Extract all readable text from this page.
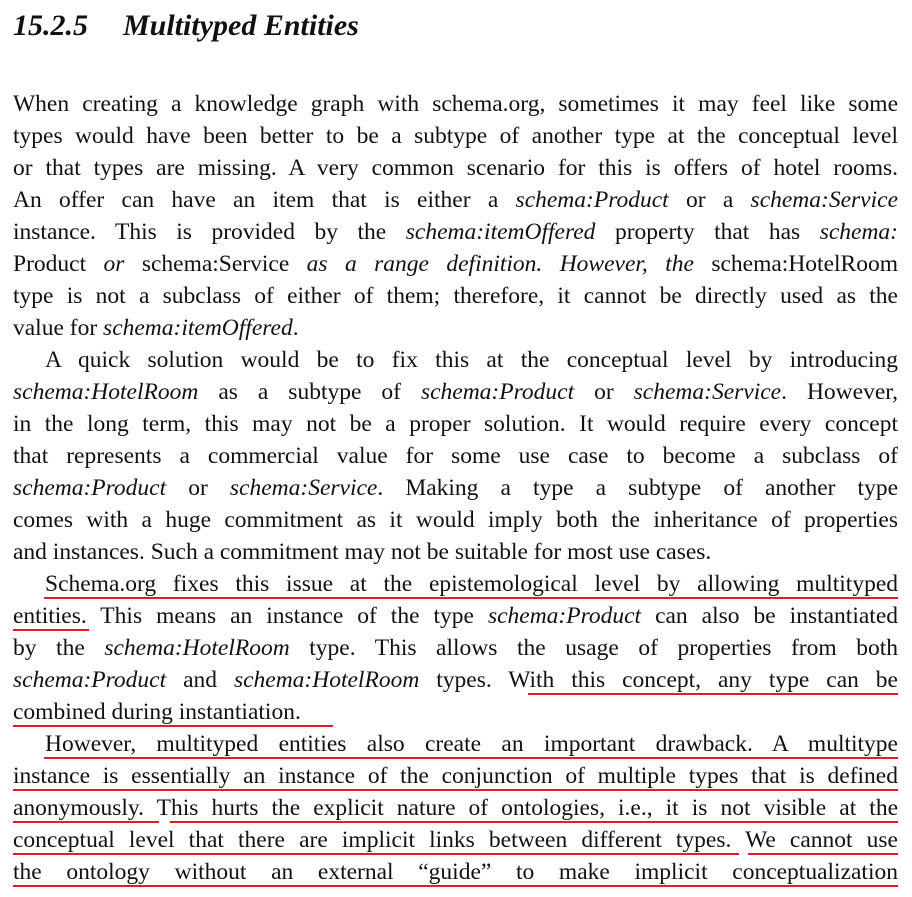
15.2.5 Multityped Entities
When creating a knowledge graph with schema.org, sometimes it may feel like some
types would have been better to be a subtype of another type at the conceptual level
or that types are missing. A very common scenario for this is offers of hotel rooms.
An offer can have an item that is either a schema:Product or a schema:Service
instance. This is provided by the schema:itemOffered property that has schema:
Product or schema:Service as a range definition. However, the schema:HotelRoom
type is not a subclass of either of them; therefore, it cannot be directly used as the
value for schema:itemOffered.
A quick solution would be to fix this at the conceptual level by introducing
schema:HotelRoom as a subtype of schema:Product or schema:Service. However,
in the long term, this may not be a proper solution. It would require every concept
that represents a commercial value for some use case to become a subclass of
schema:Product or schema:Service. Making a type a subtype of another type
comes with a huge commitment as it would imply both the inheritance of properties
and instances. Such a commitment may not be suitable for most use cases.
Schema.org fixes this issue at the epistemological level by allowing multityped
entities. This means an instance of the type schema:Product can also be instantiated
by the schema:HotelRoom type. This allows the usage of properties from both
schema:Product and schema:HotelRoom types. With this concept, any type can be
combined during instantiation.
However, multityped entities also create an important drawback. A multitype
instance is essentially an instance of the conjunction of multiple types that is defined
anonymously. This hurts the explicit nature of ontologies, i.e., it is not visible at the
conceptual level that there are implicit links between different types. We cannot use
the ontology without an external “guide” to make implicit conceptualization
